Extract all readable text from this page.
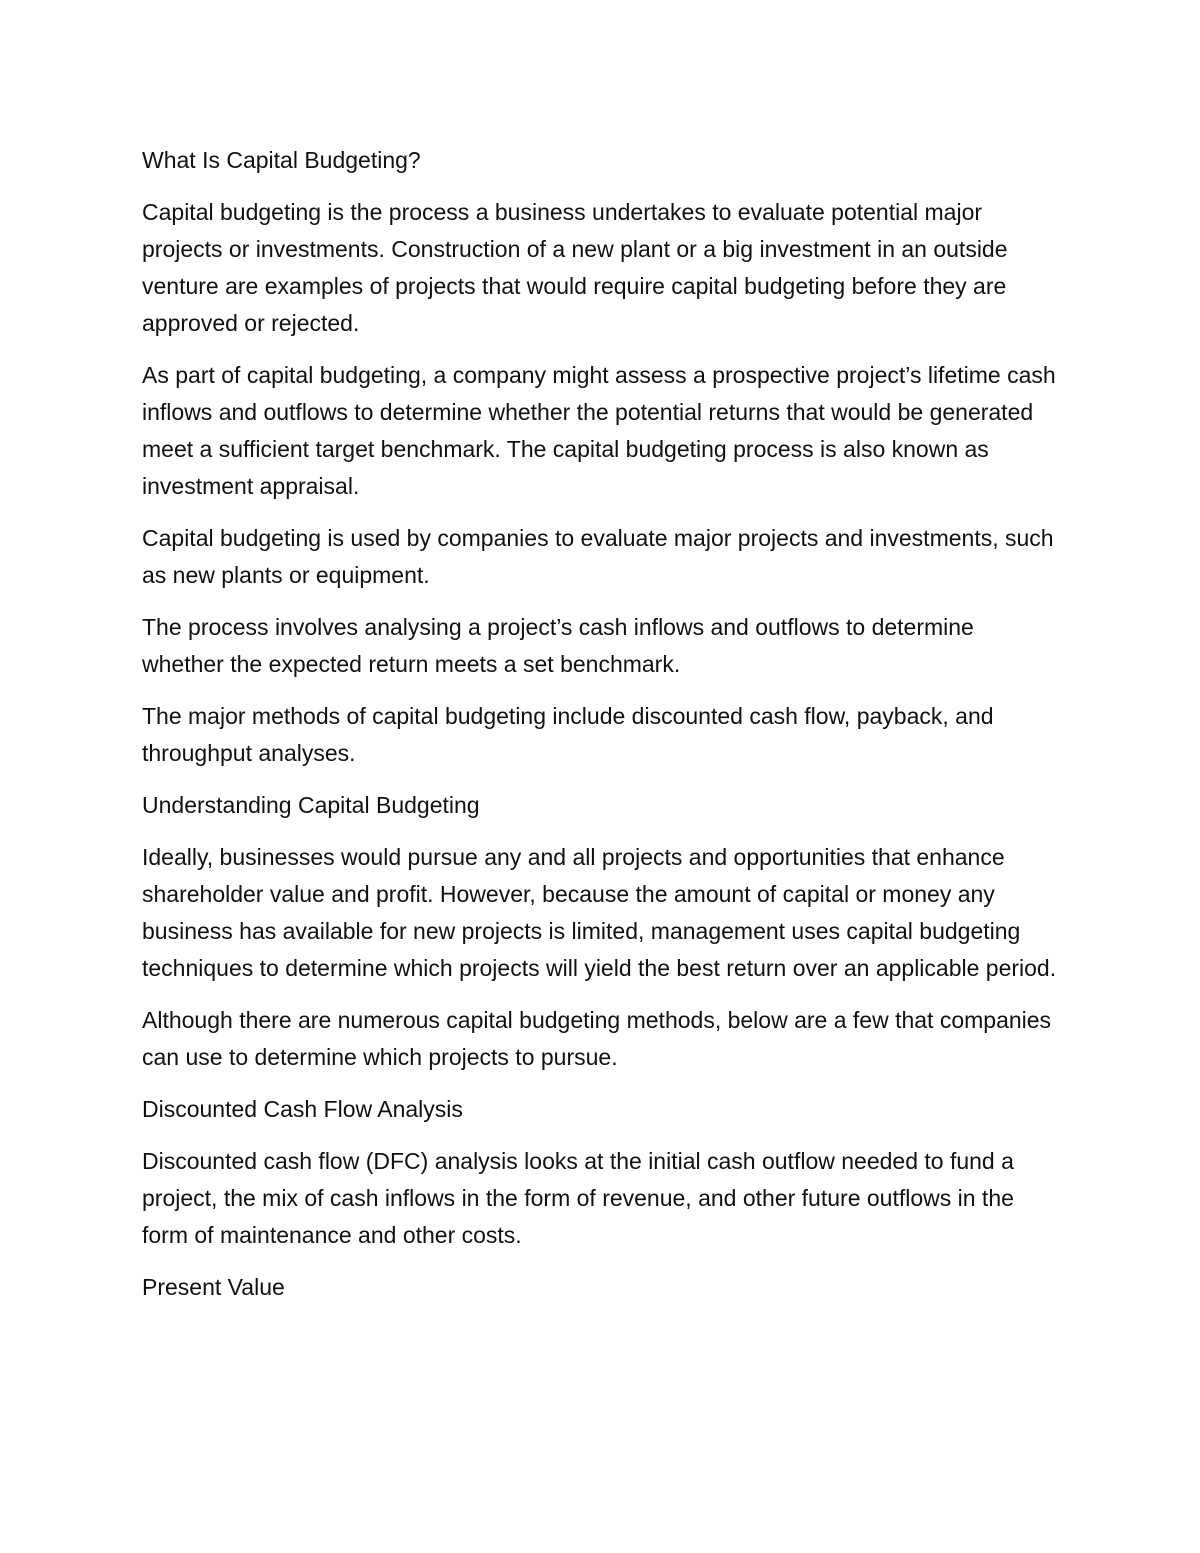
What Is Capital Budgeting?

Capital budgeting is the process a business undertakes to evaluate potential major projects or investments. Construction of a new plant or a big investment in an outside venture are examples of projects that would require capital budgeting before they are approved or rejected.

As part of capital budgeting, a company might assess a prospective project’s lifetime cash inflows and outflows to determine whether the potential returns that would be generated meet a sufficient target benchmark. The capital budgeting process is also known as investment appraisal.

Capital budgeting is used by companies to evaluate major projects and investments, such as new plants or equipment.

The process involves analysing a project’s cash inflows and outflows to determine whether the expected return meets a set benchmark.

The major methods of capital budgeting include discounted cash flow, payback, and throughput analyses.

Understanding Capital Budgeting

Ideally, businesses would pursue any and all projects and opportunities that enhance shareholder value and profit. However, because the amount of capital or money any business has available for new projects is limited, management uses capital budgeting techniques to determine which projects will yield the best return over an applicable period.

Although there are numerous capital budgeting methods, below are a few that companies can use to determine which projects to pursue.

Discounted Cash Flow Analysis

Discounted cash flow (DFC) analysis looks at the initial cash outflow needed to fund a project, the mix of cash inflows in the form of revenue, and other future outflows in the form of maintenance and other costs.

Present Value
